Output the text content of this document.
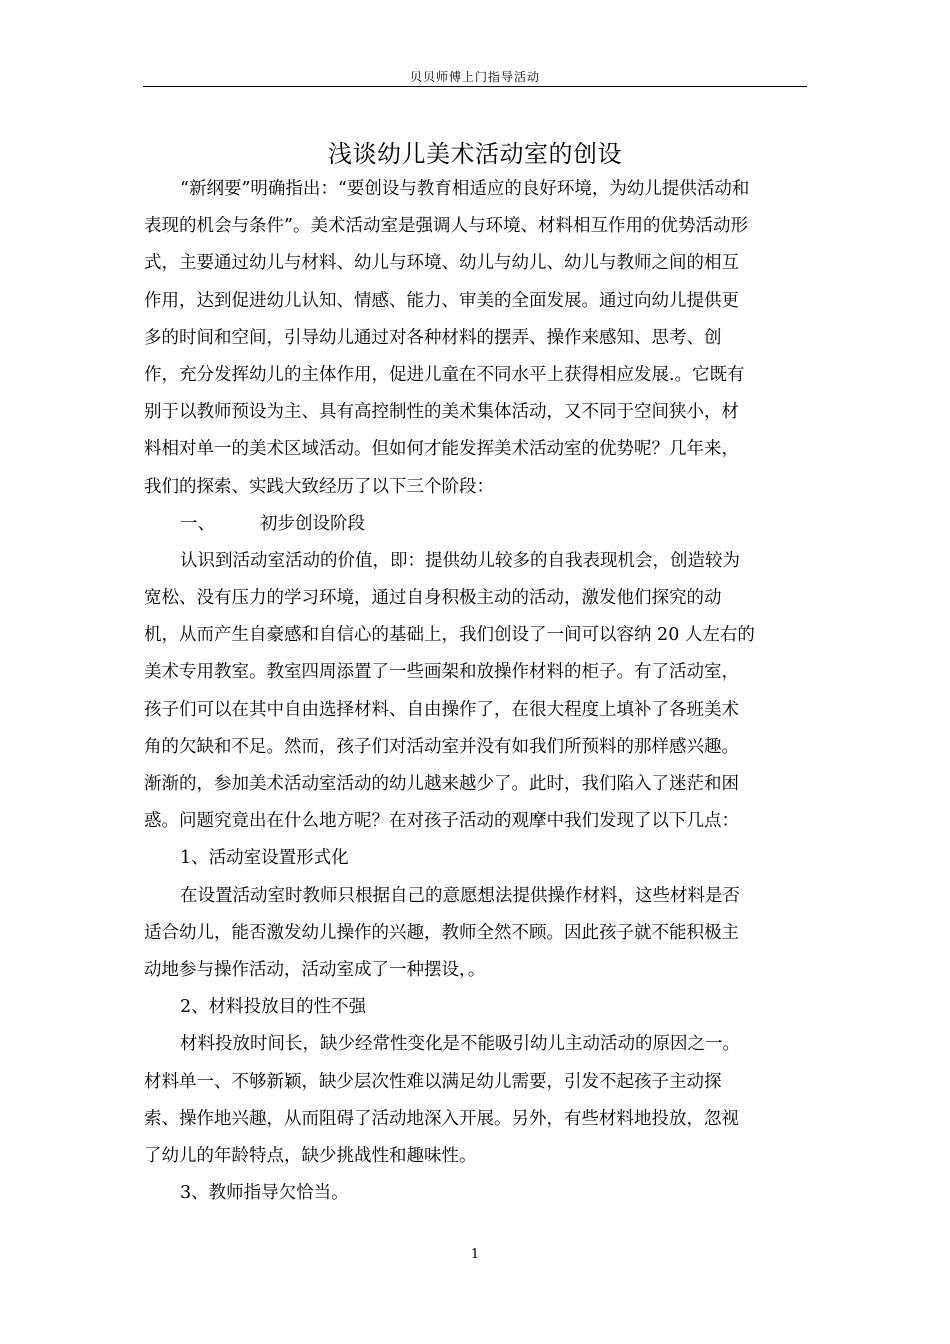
贝贝师傅上门指导活动
浅谈幼儿美术活动室的创设
“新纲要”明确指出：“要创设与教育相适应的良好环境，为幼儿提供活动和
表现的机会与条件”。美术活动室是强调人与环境、材料相互作用的优势活动形
式，主要通过幼儿与材料、幼儿与环境、幼儿与幼儿、幼儿与教师之间的相互
作用，达到促进幼儿认知、情感、能力、审美的全面发展。通过向幼儿提供更
多的时间和空间，引导幼儿通过对各种材料的摆弄、操作来感知、思考、创
作，充分发挥幼儿的主体作用，促进儿童在不同水平上获得相应发展.。它既有
别于以教师预设为主、具有高控制性的美术集体活动，又不同于空间狭小，材
料相对单一的美术区域活动。但如何才能发挥美术活动室的优势呢？几年来，
我们的探索、实践大致经历了以下三个阶段：
一、	初步创设阶段
认识到活动室活动的价值，即：提供幼儿较多的自我表现机会，创造较为
宽松、没有压力的学习环境，通过自身积极主动的活动，激发他们探究的动
机，从而产生自豪感和自信心的基础上，我们创设了一间可以容纳 20 人左右的
美术专用教室。教室四周添置了一些画架和放操作材料的柜子。有了活动室，
孩子们可以在其中自由选择材料、自由操作了，在很大程度上填补了各班美术
角的欠缺和不足。然而，孩子们对活动室并没有如我们所预料的那样感兴趣。
渐渐的，参加美术活动室活动的幼儿越来越少了。此时，我们陷入了迷茫和困
惑。问题究竟出在什么地方呢？在对孩子活动的观摩中我们发现了以下几点：
1、活动室设置形式化
在设置活动室时教师只根据自己的意愿想法提供操作材料，这些材料是否
适合幼儿，能否激发幼儿操作的兴趣，教师全然不顾。因此孩子就不能积极主
动地参与操作活动，活动室成了一种摆设，。
2、材料投放目的性不强
材料投放时间长，缺少经常性变化是不能吸引幼儿主动活动的原因之一。
材料单一、不够新颖，缺少层次性难以满足幼儿需要，引发不起孩子主动探
索、操作地兴趣，从而阻碍了活动地深入开展。另外，有些材料地投放，忽视
了幼儿的年龄特点，缺少挑战性和趣味性。
3、教师指导欠恰当。
1
